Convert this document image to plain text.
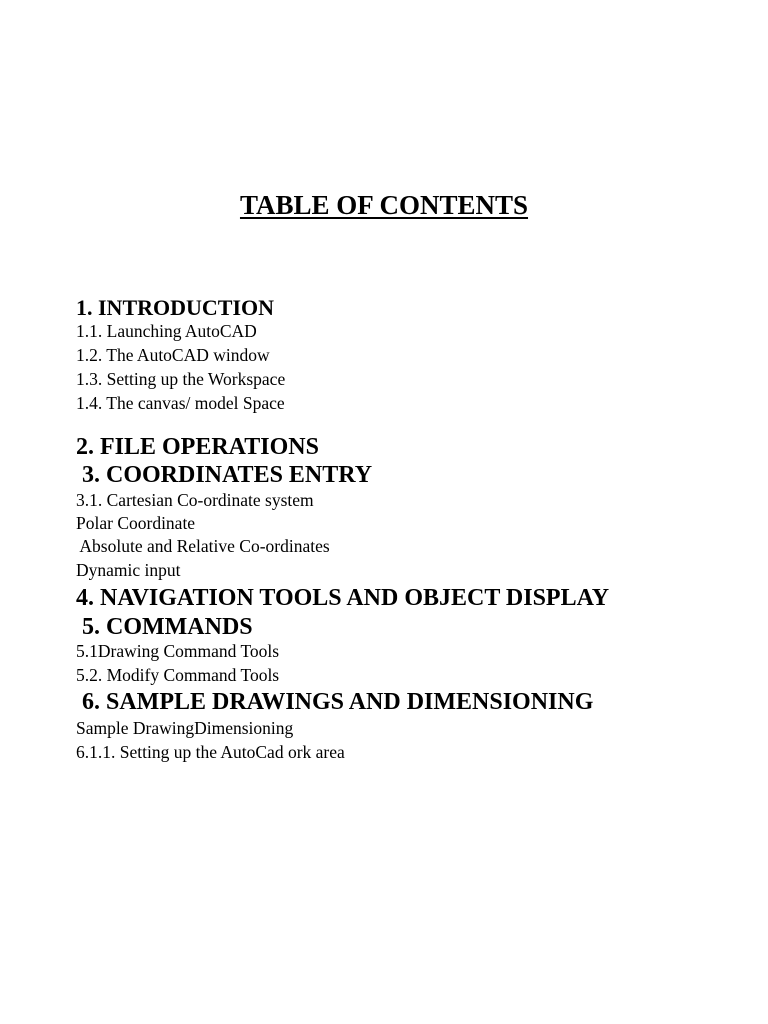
TABLE OF CONTENTS
1. INTRODUCTION
1.1. Launching AutoCAD
1.2. The AutoCAD window
1.3. Setting up the Workspace
1.4. The canvas/ model Space
2. FILE OPERATIONS
3. COORDINATES ENTRY
3.1. Cartesian Co-ordinate system
Polar Coordinate
Absolute and Relative Co-ordinates
Dynamic input
4. NAVIGATION TOOLS AND OBJECT DISPLAY
5. COMMANDS
5.1Drawing Command Tools
5.2. Modify Command Tools
6. SAMPLE DRAWINGS AND DIMENSIONING
Sample DrawingDimensioning
6.1.1. Setting up the AutoCad ork area
